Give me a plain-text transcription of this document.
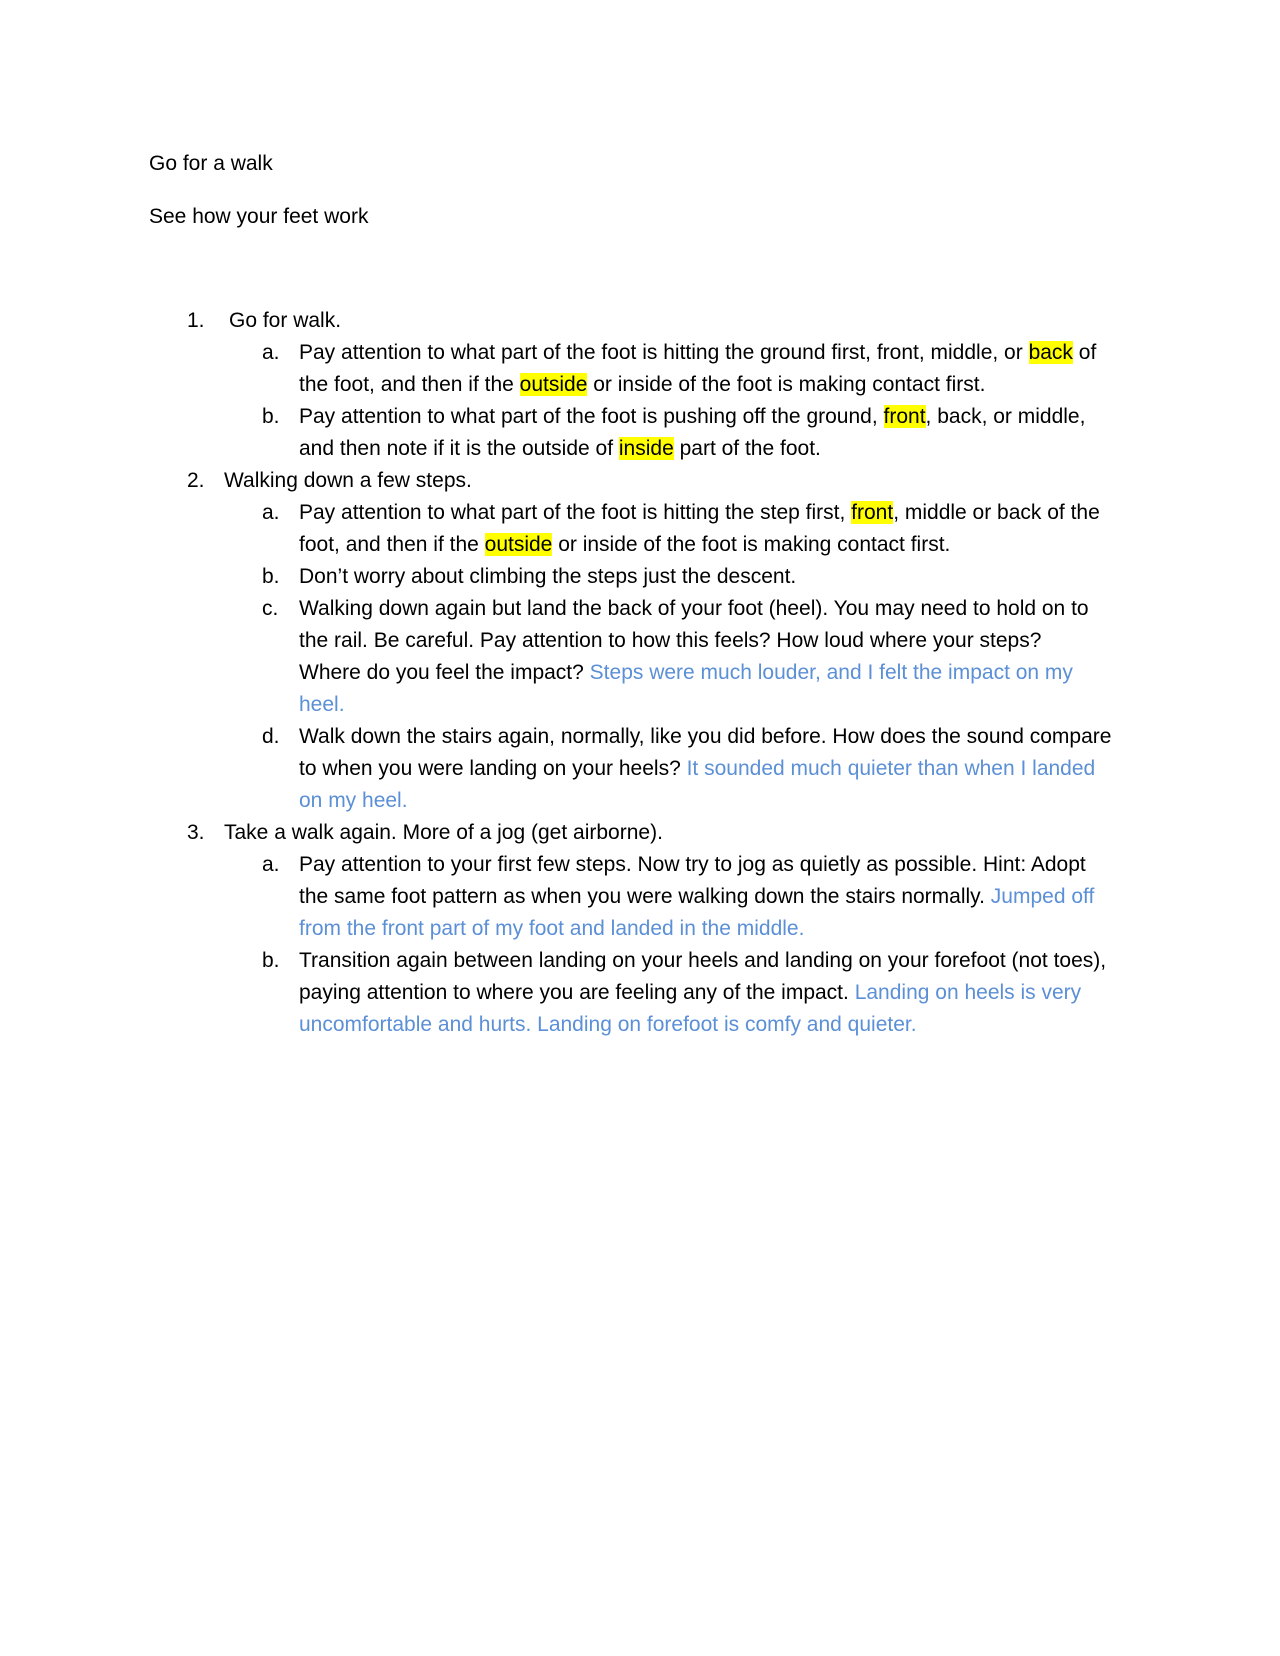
Go for a walk
See how your feet work
1. Go for walk.
a. Pay attention to what part of the foot is hitting the ground first, front, middle, or back of
the foot, and then if the outside or inside of the foot is making contact first.
b. Pay attention to what part of the foot is pushing off the ground, front, back, or middle,
and then note if it is the outside of inside part of the foot.
2. Walking down a few steps.
a. Pay attention to what part of the foot is hitting the step first, front, middle or back of the
foot, and then if the outside or inside of the foot is making contact first.
b. Don’t worry about climbing the steps just the descent.
c. Walking down again but land the back of your foot (heel). You may need to hold on to
the rail. Be careful. Pay attention to how this feels? How loud where your steps?
Where do you feel the impact? Steps were much louder, and I felt the impact on my
heel.
d. Walk down the stairs again, normally, like you did before. How does the sound compare
to when you were landing on your heels? It sounded much quieter than when I landed
on my heel.
3. Take a walk again. More of a jog (get airborne).
a. Pay attention to your first few steps. Now try to jog as quietly as possible. Hint: Adopt
the same foot pattern as when you were walking down the stairs normally. Jumped off
from the front part of my foot and landed in the middle.
b. Transition again between landing on your heels and landing on your forefoot (not toes),
paying attention to where you are feeling any of the impact. Landing on heels is very
uncomfortable and hurts. Landing on forefoot is comfy and quieter.
